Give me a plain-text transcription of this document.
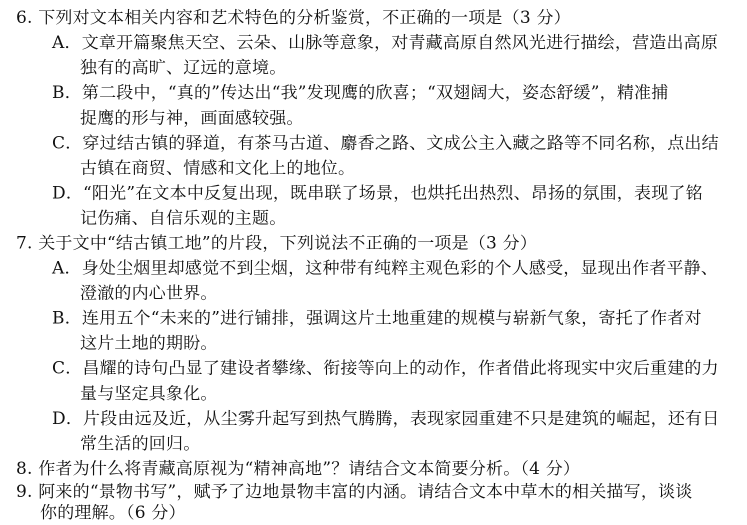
6. 下列对文本相关内容和艺术特色的分析鉴赏，不正确的一项是（3 分）
A．文章开篇聚焦天空、云朵、山脉等意象，对青藏高原自然风光进行描绘，营造出高原
独有的高旷、辽远的意境。
B．第二段中，“真的”传达出“我”发现鹰的欣喜；“双翅阔大，姿态舒缓”，精准捕
捉鹰的形与神，画面感较强。
C．穿过结古镇的驿道，有茶马古道、麝香之路、文成公主入藏之路等不同名称，点出结
古镇在商贸、情感和文化上的地位。
D．“阳光”在文本中反复出现，既串联了场景，也烘托出热烈、昂扬的氛围，表现了铭
记伤痛、自信乐观的主题。
7. 关于文中“结古镇工地”的片段，下列说法不正确的一项是（3 分）
A．身处尘烟里却感觉不到尘烟，这种带有纯粹主观色彩的个人感受，显现出作者平静、
澄澈的内心世界。
B．连用五个“未来的”进行铺排，强调这片土地重建的规模与崭新气象，寄托了作者对
这片土地的期盼。
C．昌耀的诗句凸显了建设者攀缘、衔接等向上的动作，作者借此将现实中灾后重建的力
量与坚定具象化。
D．片段由远及近，从尘雾升起写到热气腾腾，表现家园重建不只是建筑的崛起，还有日
常生活的回归。
8. 作者为什么将青藏高原视为“精神高地”？请结合文本简要分析。（4 分）
9. 阿来的“景物书写”，赋予了边地景物丰富的内涵。请结合文本中草木的相关描写，谈谈
你的理解。（6 分）
